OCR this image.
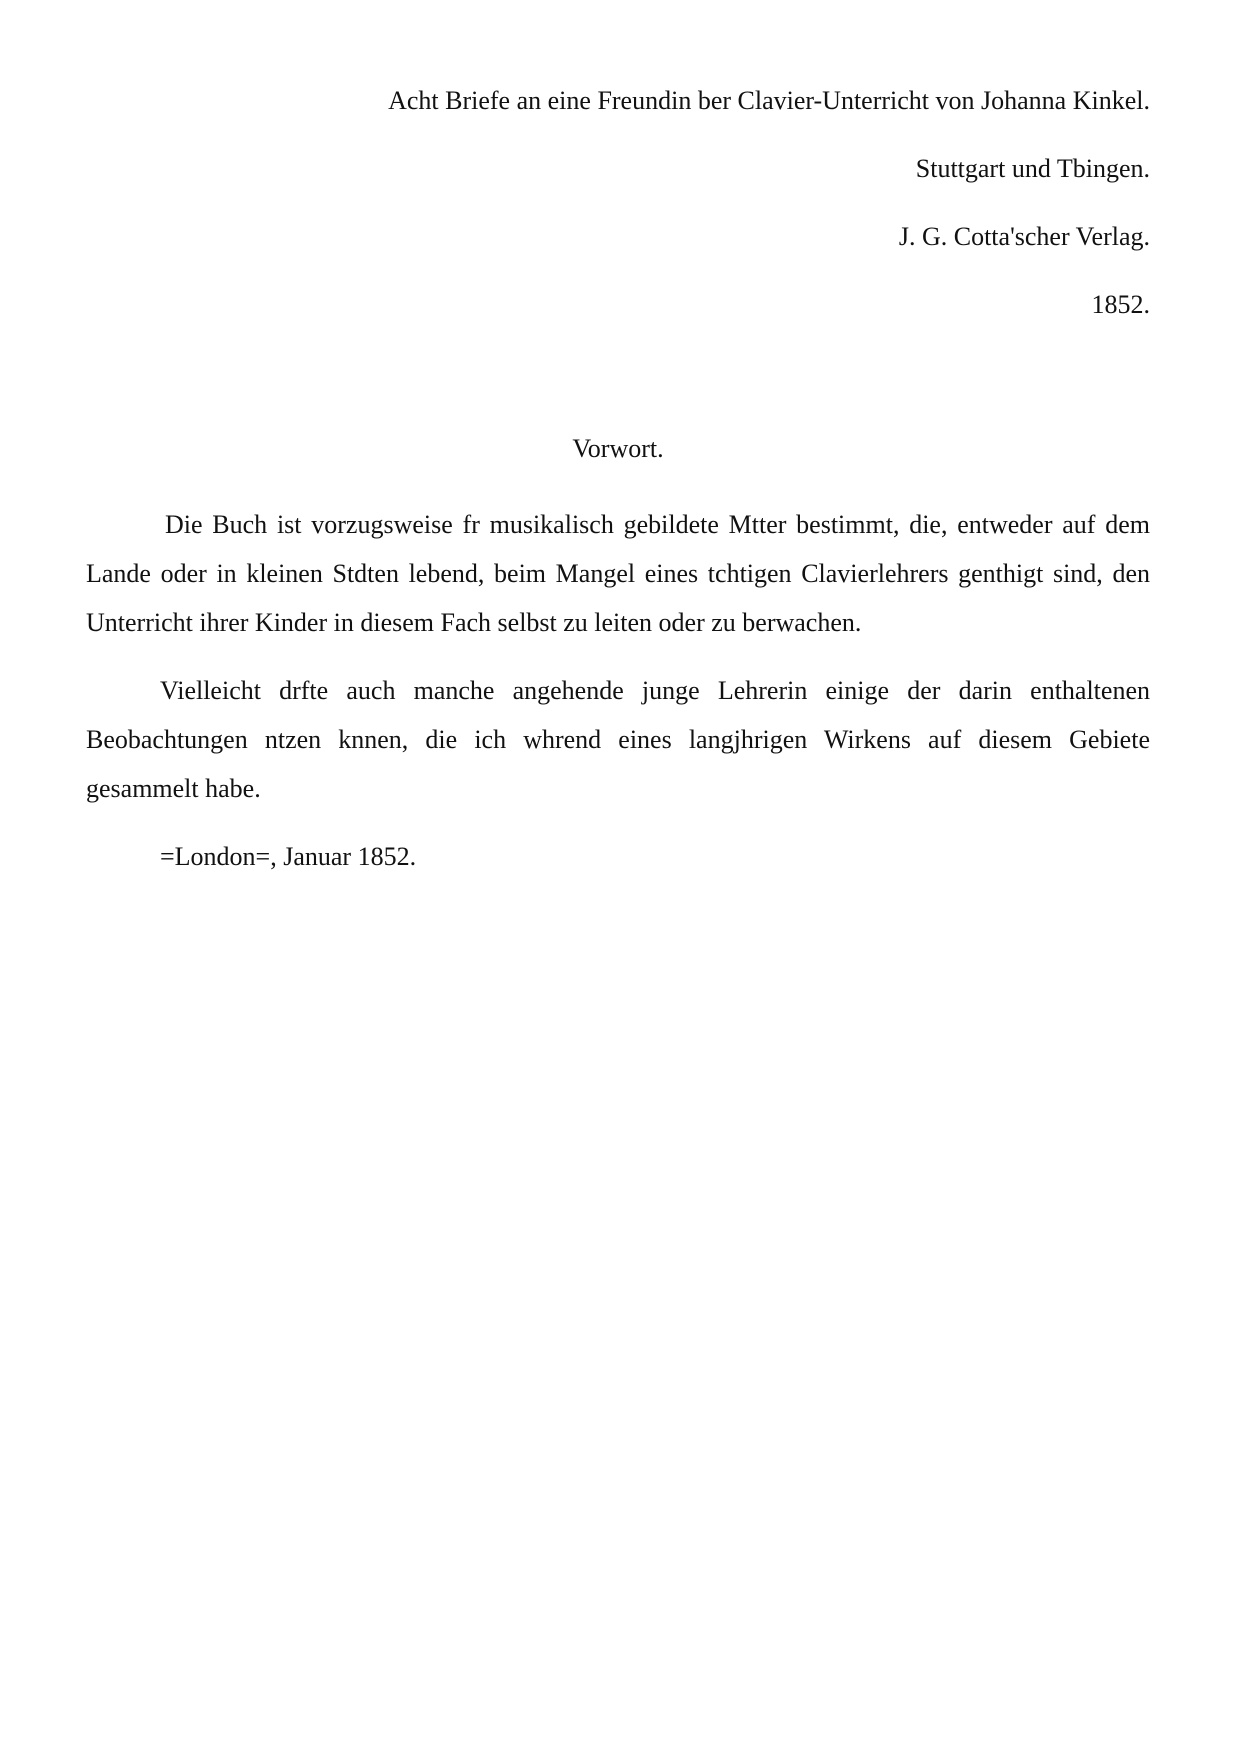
Acht Briefe an eine Freundin ber Clavier-Unterricht von Johanna Kinkel.

Stuttgart und Tbingen.

J. G. Cotta'scher Verlag.

1852.

Vorwort.

Die Buch ist vorzugsweise fr musikalisch gebildete Mtter bestimmt, die, entweder auf dem Lande oder in kleinen Stdten lebend, beim Mangel eines tchtigen Clavierlehrers genthigt sind, den Unterricht ihrer Kinder in diesem Fach selbst zu leiten oder zu berwachen.

Vielleicht drfte auch manche angehende junge Lehrerin einige der darin enthaltenen Beobachtungen ntzen knnen, die ich whrend eines langjhrigen Wirkens auf diesem Gebiete gesammelt habe.

=London=, Januar 1852.
